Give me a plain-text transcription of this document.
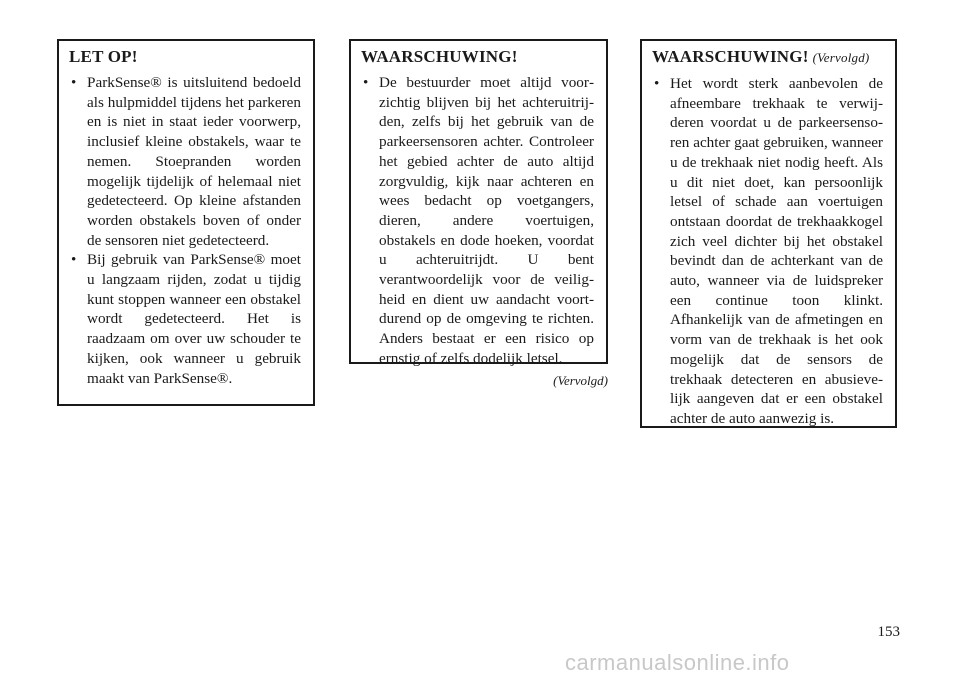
LET OP!
• ParkSense® is uitsluitend bedoeld als hulpmiddel tijdens het parkeren en is niet in staat ieder voorwerp, inclusief kleine obstakels, waar te nemen. Stoepranden worden mogelijk tijdelijk of helemaal niet gedetecteerd. Op kleine afstanden worden obstakels boven of onder de sensoren niet gedetecteerd.
• Bij gebruik van ParkSense® moet u langzaam rijden, zodat u tijdig kunt stoppen wanneer een obstakel wordt gedetecteerd. Het is raadzaam om over uw schouder te kijken, ook wanneer u gebruik maakt van ParkSense®.
WAARSCHUWING!
• De bestuurder moet altijd voorzichtig blijven bij het achteruitrijden, zelfs bij het gebruik van de parkeersensoren achter. Controleer het gebied achter de auto altijd zorgvuldig, kijk naar achteren en wees bedacht op voetgangers, dieren, andere voertuigen, obstakels en dode hoeken, voordat u achteruitrijdt. U bent verantwoordelijk voor de veiligheid en dient uw aandacht voortdurend op de omgeving te richten. Anders bestaat er een risico op ernstig of zelfs dodelijk letsel.
(Vervolgd)
WAARSCHUWING! (Vervolgd)
• Het wordt sterk aanbevolen de afneembare trekhaak te verwijderen voordat u de parkeersensoren achter gaat gebruiken, wanneer u de trekhaak niet nodig heeft. Als u dit niet doet, kan persoonlijk letsel of schade aan voertuigen ontstaan doordat de trekhaakkogel zich veel dichter bij het obstakel bevindt dan de achterkant van de auto, wanneer via de luidspreker een continue toon klinkt. Afhankelijk van de afmetingen en vorm van de trekhaak is het ook mogelijk dat de sensors de trekhaak detecteren en abusievelijk aangeven dat er een obstakel achter de auto aanwezig is.
153
carmanualsonline.info
